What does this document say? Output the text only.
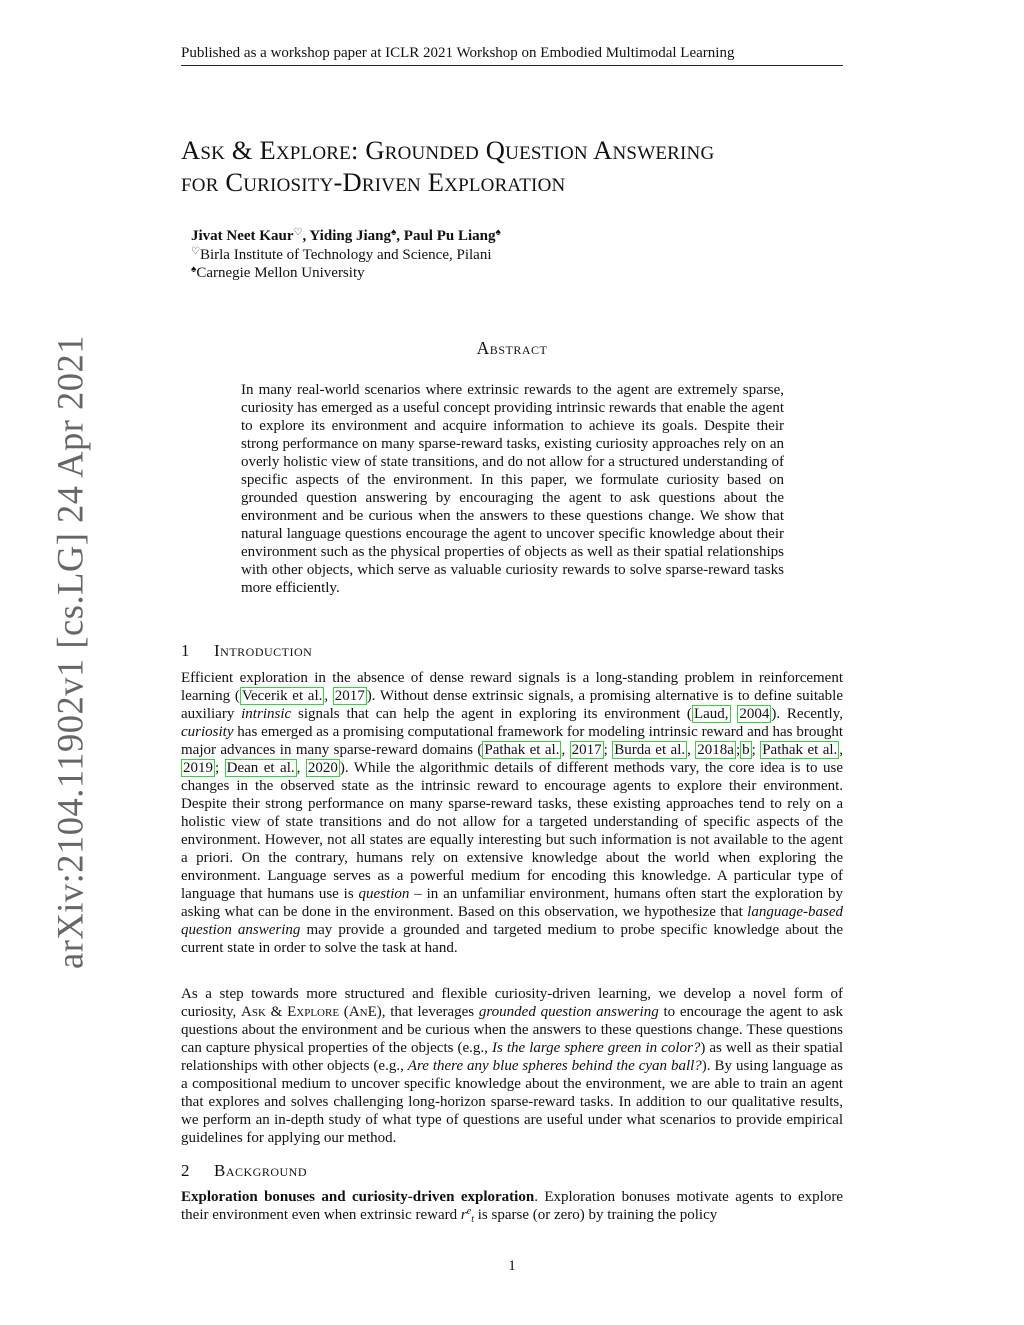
Published as a workshop paper at ICLR 2021 Workshop on Embodied Multimodal Learning
Ask & Explore: Grounded Question Answering
for Curiosity-Driven Exploration
Jivat Neet Kaur♡, Yiding Jiang♠, Paul Pu Liang♠
♡Birla Institute of Technology and Science, Pilani
♠Carnegie Mellon University
arXiv:2104.11902v1 [cs.LG] 24 Apr 2021	Abstract

In many real-world scenarios where extrinsic rewards to the agent are extremely sparse, curiosity has emerged as a useful concept providing intrinsic rewards that enable the agent to explore its environment and acquire information to achieve its goals. Despite their strong performance on many sparse-reward tasks, existing curiosity approaches rely on an overly holistic view of state transitions, and do not allow for a structured understanding of specific aspects of the environment. In this paper, we formulate curiosity based on grounded question answering by encouraging the agent to ask questions about the environment and be curious when the answers to these questions change. We show that natural language questions encourage the agent to uncover specific knowledge about their environment such as the physical properties of objects as well as their spatial relationships with other objects, which serve as valuable curiosity rewards to solve sparse-reward tasks more efficiently.

1 Introduction

Efficient exploration in the absence of dense reward signals is a long-standing problem in reinforcement learning ( Vecerik et al. , 2017 ). Without dense extrinsic signals, a promising alternative is to define suitable auxiliary intrinsic signals that can help the agent in exploring its environment ( Laud, 2004 ). Recently, curiosity has emerged as a promising computational framework for modeling intrinsic reward and has brought major advances in many sparse-reward domains ( Pathak et al. , 2017 ; Burda et al. , 2018a ; b ; Pathak et al. , 2019 ; Dean et al. , 2020 ). While the algorithmic details of different methods vary, the core idea is to use changes in the observed state as the intrinsic reward to encourage agents to explore their environment. Despite their strong performance on many sparse-reward tasks, these existing approaches tend to rely on a holistic view of state transitions and do not allow for a targeted understanding of specific aspects of the environment. However, not all states are equally interesting but such information is not available to the agent a priori. On the contrary, humans rely on extensive knowledge about the world when exploring the environment. Language serves as a powerful medium for encoding this knowledge. A particular type of language that humans use is question – in an unfamiliar environment, humans often start the exploration by asking what can be done in the environment. Based on this observation, we hypothesize that language-based question answering may provide a grounded and targeted medium to probe specific knowledge about the current state in order to solve the task at hand.

As a step towards more structured and flexible curiosity-driven learning, we develop a novel form of curiosity, Ask & Explore (AnE), that leverages grounded question answering to encourage the agent to ask questions about the environment and be curious when the answers to these questions change. These questions can capture physical properties of the objects (e.g., Is the large sphere green in color?) as well as their spatial relationships with other objects (e.g., Are there any blue spheres behind the cyan ball?). By using language as a compositional medium to uncover specific knowledge about the environment, we are able to train an agent that explores and solves challenging long-horizon sparse-reward tasks. In addition to our qualitative results, we perform an in-depth study of what type of questions are useful under what scenarios to provide empirical guidelines for applying our method.

2 Background

Exploration bonuses and curiosity-driven exploration. Exploration bonuses motivate agents to explore their environment even when extrinsic reward $r^e_t$ is sparse (or zero) by training the policy

1
